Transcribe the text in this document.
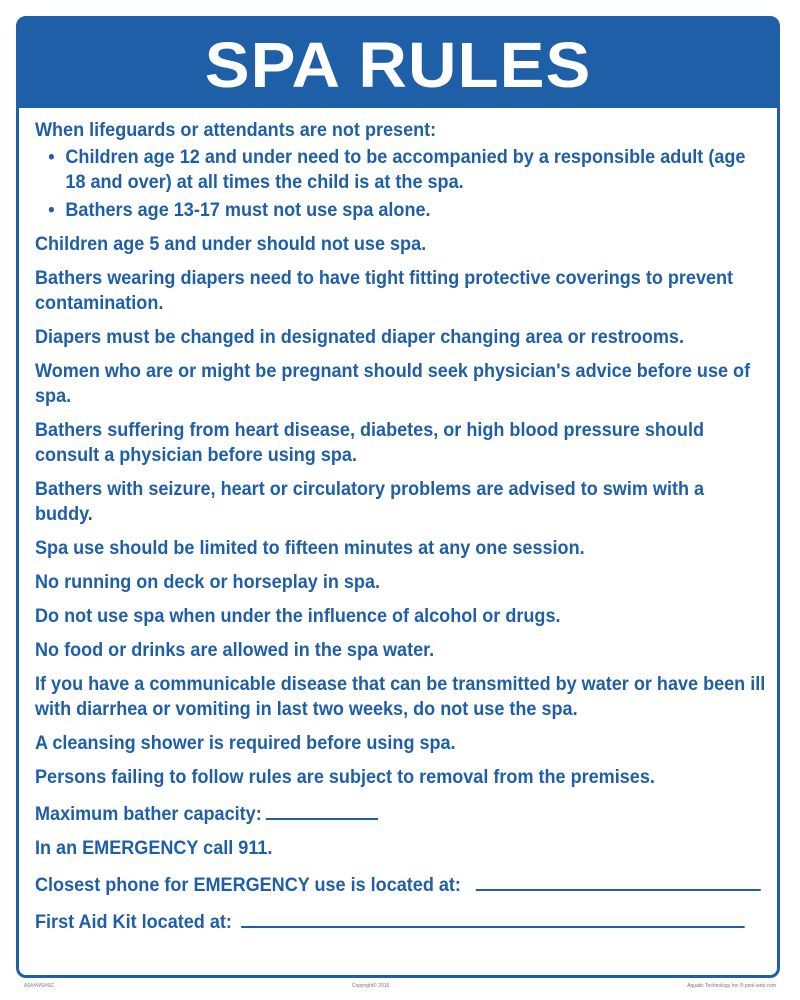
SPA RULES
When lifeguards or attendants are not present:
• Children age 12 and under need to be accompanied by a responsible adult (age 18 and over) at all times the child is at the spa.
• Bathers age 13-17 must not use spa alone.
Children age 5 and under should not use spa.
Bathers wearing diapers need to have tight fitting protective coverings to prevent contamination.
Diapers must be changed in designated diaper changing area or restrooms.
Women who are or might be pregnant should seek physician's advice before use of spa.
Bathers suffering from heart disease, diabetes, or high blood pressure should consult a physician before using spa.
Bathers with seizure, heart or circulatory problems are advised to swim with a buddy.
Spa use should be limited to fifteen minutes at any one session.
No running on deck or horseplay in spa.
Do not use spa when under the influence of alcohol or drugs.
No food or drinks are allowed in the spa water.
If you have a communicable disease that can be transmitted by water or have been ill with diarrhea or vomiting in last two weeks, do not use the spa.
A cleansing shower is required before using spa.
Persons failing to follow rules are subject to removal from the premises.
Maximum bather capacity:
In an EMERGENCY call 911.
Closest phone for EMERGENCY use is located at:
First Aid Kit located at:
AS##WS#SC	Copyright© 2016	Aquatic Technology Inc ® pool-web.com
